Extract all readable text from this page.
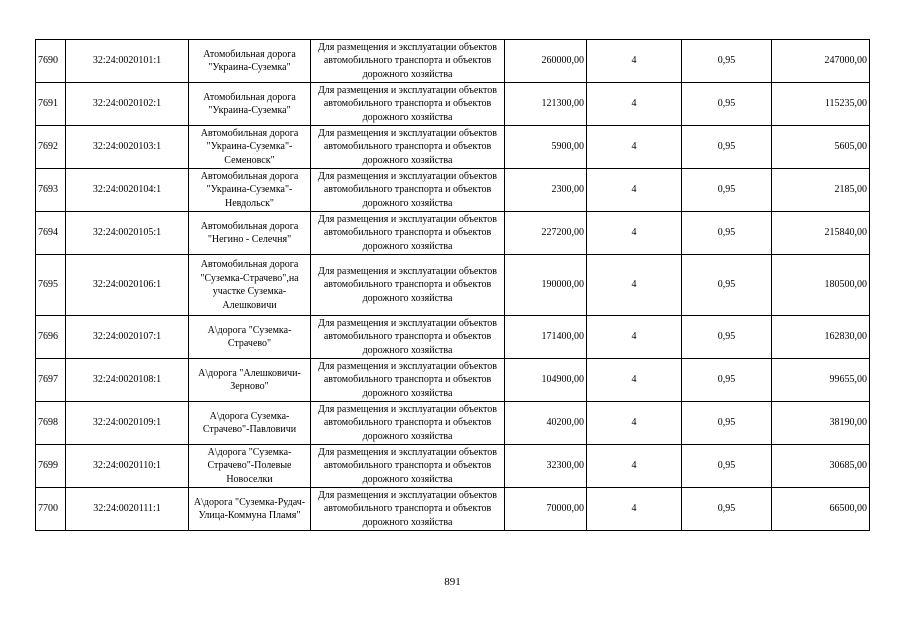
7690	32:24:0020101:1	Атомобильная дорога "Украина-Суземка"	Для размещения и эксплуатации объектов автомобильного транспорта и объектов дорожного хозяйства	260000,00	4	0,95	247000,00
7691	32:24:0020102:1	Атомобильная дорога "Украина-Суземка"	Для размещения и эксплуатации объектов автомобильного транспорта и объектов дорожного хозяйства	121300,00	4	0,95	115235,00
7692	32:24:0020103:1	Автомобильная дорога "Украина-Суземка"-Семеновск"	Для размещения и эксплуатации объектов автомобильного транспорта и объектов дорожного хозяйства	5900,00	4	0,95	5605,00
7693	32:24:0020104:1	Автомобильная дорога "Украина-Суземка"-Невдольск"	Для размещения и эксплуатации объектов автомобильного транспорта и объектов дорожного хозяйства	2300,00	4	0,95	2185,00
7694	32:24:0020105:1	Автомобильная дорога "Негино - Селечня"	Для размещения и эксплуатации объектов автомобильного транспорта и объектов дорожного хозяйства	227200,00	4	0,95	215840,00
7695	32:24:0020106:1	Автомобильная дорога "Суземка-Страчево",на участке Суземка-Алешковичи	Для размещения и эксплуатации объектов автомобильного транспорта и объектов дорожного хозяйства	190000,00	4	0,95	180500,00
7696	32:24:0020107:1	А\дорога "Суземка-Страчево"	Для размещения и эксплуатации объектов автомобильного транспорта и объектов дорожного хозяйства	171400,00	4	0,95	162830,00
7697	32:24:0020108:1	А\дорога "Алешковичи-Зерново"	Для размещения и эксплуатации объектов автомобильного транспорта и объектов дорожного хозяйства	104900,00	4	0,95	99655,00
7698	32:24:0020109:1	А\дорога Суземка-Страчево"-Павловичи	Для размещения и эксплуатации объектов автомобильного транспорта и объектов дорожного хозяйства	40200,00	4	0,95	38190,00
7699	32:24:0020110:1	А\дорога "Суземка-Страчево"-Полевые Новоселки	Для размещения и эксплуатации объектов автомобильного транспорта и объектов дорожного хозяйства	32300,00	4	0,95	30685,00
7700	32:24:0020111:1	А\дорога "Суземка-Рудач-Улица-Коммуна Пламя"	Для размещения и эксплуатации объектов автомобильного транспорта и объектов дорожного хозяйства	70000,00	4	0,95	66500,00
891
